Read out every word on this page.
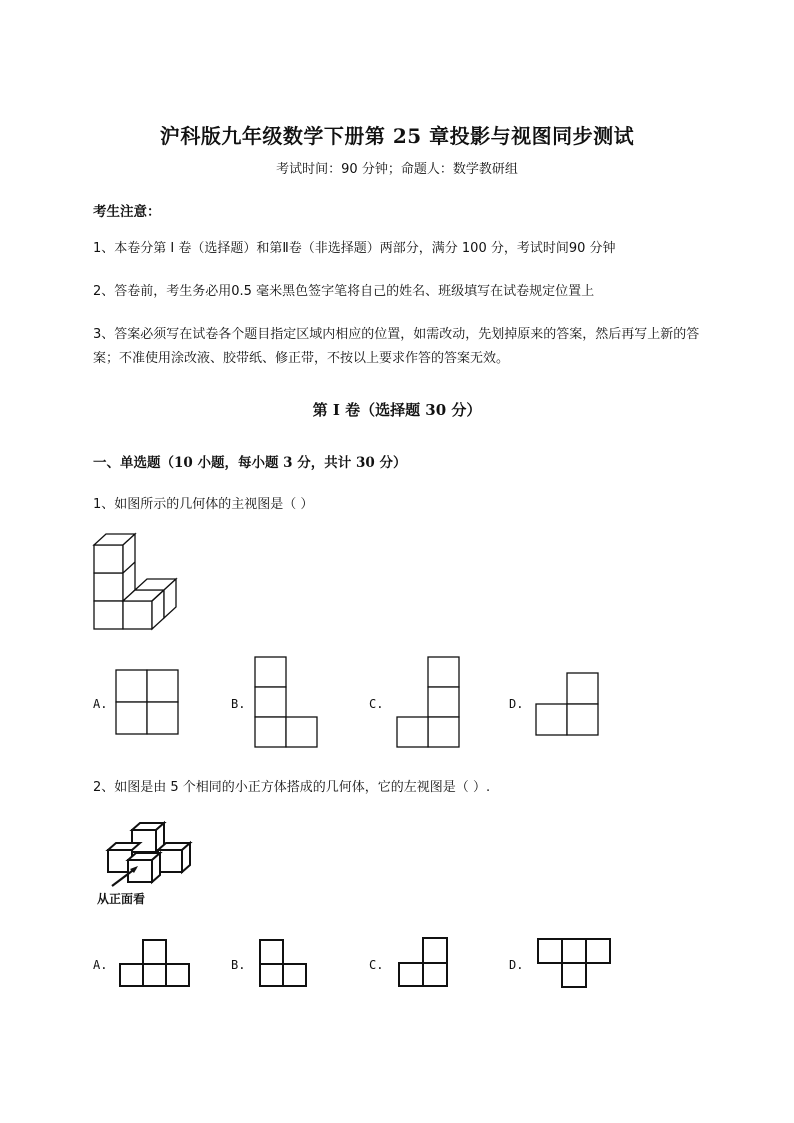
沪科版九年级数学下册第 25 章投影与视图同步测试
考试时间：90 分钟；命题人：数学教研组
考生注意：
1、本卷分第 I 卷（选择题）和第Ⅱ卷（非选择题）两部分，满分 100 分，考试时间90 分钟
2、答卷前，考生务必用0.5 毫米黑色签字笔将自己的姓名、班级填写在试卷规定位置上
3、答案必须写在试卷各个题目指定区域内相应的位置，如需改动，先划掉原来的答案，然后再写上新的答案；不准使用涂改液、胶带纸、修正带，不按以上要求作答的答案无效。
第 I 卷（选择题 30 分）
一、单选题（10 小题，每小题 3 分，共计 30 分）
1、如图所示的几何体的主视图是（ ）
A.	B.	C.	D.
2、如图是由 5 个相同的小正方体搭成的几何体，它的左视图是（ ）.
从正面看
A.	B.	C.	D.
